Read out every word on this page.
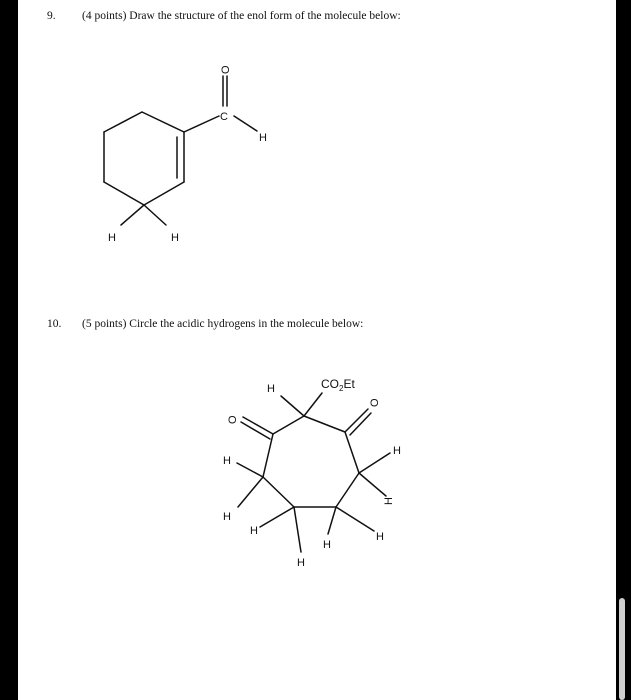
9. (4 points) Draw the structure of the enol form of the molecule below:
10. (5 points) Circle the acidic hydrogens in the molecule below:
O
C
H
H	H
$CO_2Et$
H
O
O
H
H
H
H
H
H
H
H
